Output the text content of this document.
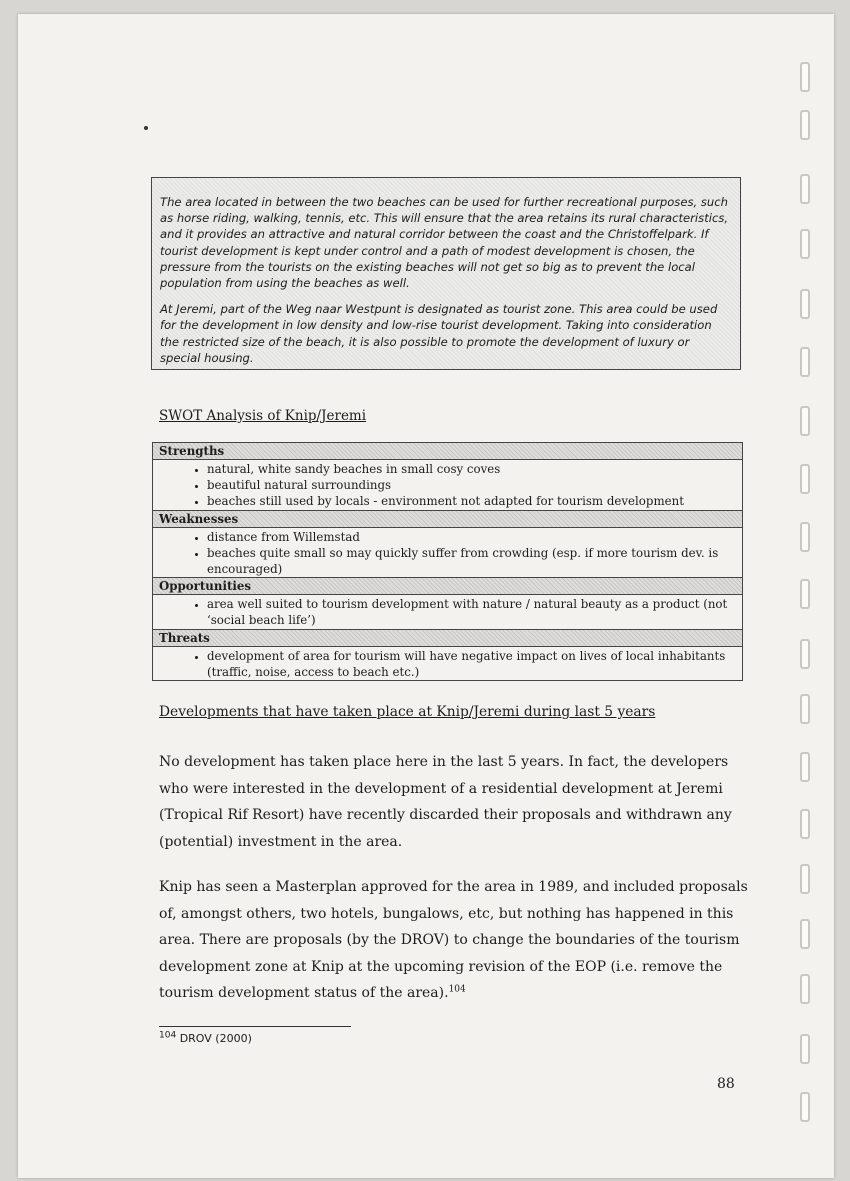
The area located in between the two beaches can be used for further recreational purposes, such as horse riding, walking, tennis, etc. This will ensure that the area retains its rural characteristics, and it provides an attractive and natural corridor between the coast and the Christoffelpark. If tourist development is kept under control and a path of modest development is chosen, the pressure from the tourists on the existing beaches will not get so big as to prevent the local population from using the beaches as well.

At Jeremi, part of the Weg naar Westpunt is designated as tourist zone. This area could be used for the development in low density and low-rise tourist development. Taking into consideration the restricted size of the beach, it is also possible to promote the development of luxury or special housing.

SWOT Analysis of Knip/Jeremi
Strengths
• natural, white sandy beaches in small cosy coves
• beautiful natural surroundings
• beaches still used by locals - environment not adapted for tourism development
Weaknesses
• distance from Willemstad
• beaches quite small so may quickly suffer from crowding (esp. if more tourism dev. is encouraged)
Opportunities
• area well suited to tourism development with nature / natural beauty as a product (not ‘social beach life’)
Threats
• development of area for tourism will have negative impact on lives of local inhabitants (traffic, noise, access to beach etc.)
Developments that have taken place at Knip/Jeremi during last 5 years

No development has taken place here in the last 5 years. In fact, the developers who were interested in the development of a residential development at Jeremi (Tropical Rif Resort) have recently discarded their proposals and withdrawn any (potential) investment in the area.

Knip has seen a Masterplan approved for the area in 1989, and included proposals of, amongst others, two hotels, bungalows, etc, but nothing has happened in this area. There are proposals (by the DROV) to change the boundaries of the tourism development zone at Knip at the upcoming revision of the EOP (i.e. remove the tourism development status of the area).$^{104}$

$^{104}$ DROV (2000)
88
